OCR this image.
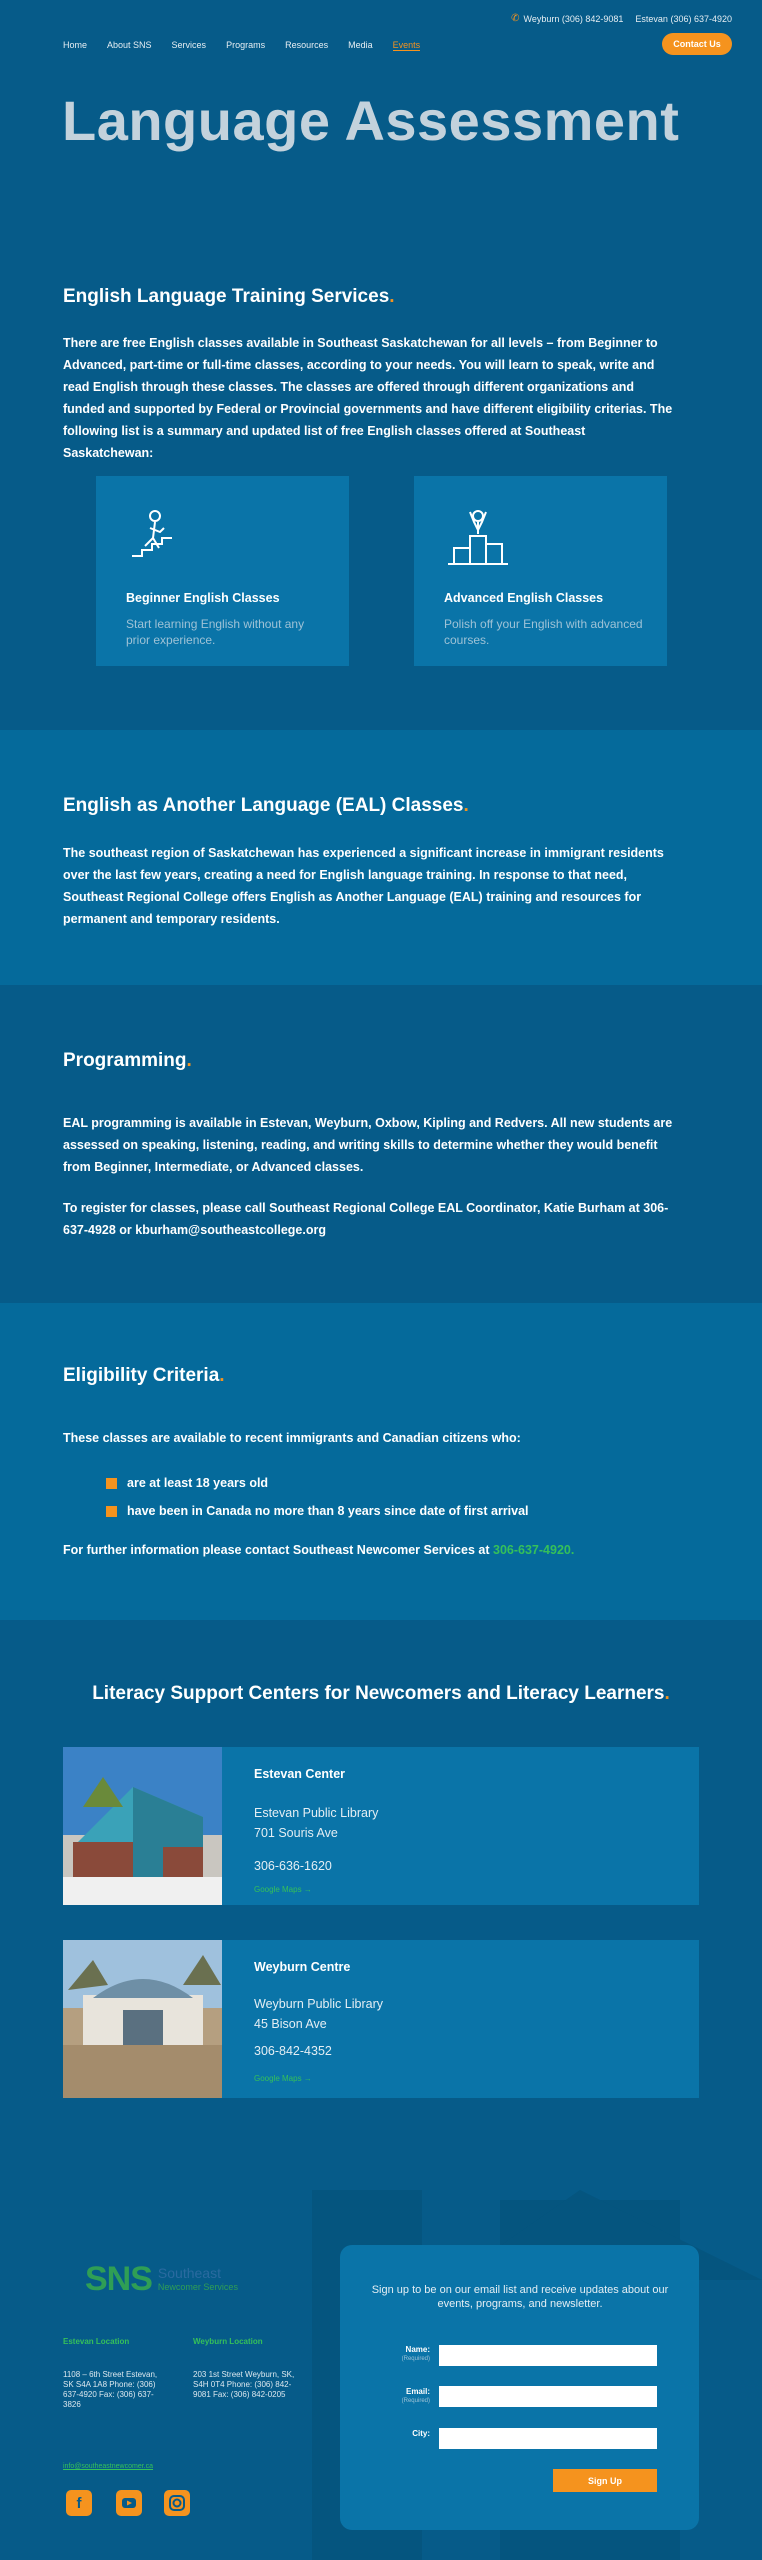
✆ Weyburn (306) 842-9081 Estevan (306) 637-4920
Home About SNS Services Programs Resources Media Events	Contact Us
Language Assessment
English Language Training Services.
There are free English classes available in Southeast Saskatchewan for all levels – from Beginner to Advanced, part-time or full-time classes, according to your needs. You will learn to speak, write and read English through these classes. The classes are offered through different organizations and funded and supported by Federal or Provincial governments and have different eligibility criterias. The following list is a summary and updated list of free English classes offered at Southeast Saskatchewan:
Beginner English Classes
Start learning English without any prior experience.
Advanced English Classes
Polish off your English with advanced courses.
English as Another Language (EAL) Classes.
The southeast region of Saskatchewan has experienced a significant increase in immigrant residents over the last few years, creating a need for English language training. In response to that need, Southeast Regional College offers English as Another Language (EAL) training and resources for permanent and temporary residents.
Programming.
EAL programming is available in Estevan, Weyburn, Oxbow, Kipling and Redvers. All new students are assessed on speaking, listening, reading, and writing skills to determine whether they would benefit from Beginner, Intermediate, or Advanced classes.
To register for classes, please call Southeast Regional College EAL Coordinator, Katie Burham at 306-637-4928 or kburham@southeastcollege.org
Eligibility Criteria.
These classes are available to recent immigrants and Canadian citizens who:
are at least 18 years old
have been in Canada no more than 8 years since date of first arrival
For further information please contact Southeast Newcomer Services at 306-637-4920.
Literacy Support Centers for Newcomers and Literacy Learners.
Estevan Center
Estevan Public Library
701 Souris Ave
306-636-1620
Google Maps →
Weyburn Centre
Weyburn Public Library
45 Bison Ave
306-842-4352
Google Maps →
SNS Southeast
Newcomer Services
Estevan Location
1108 – 6th Street Estevan, SK S4A 1A8 Phone: (306) 637-4920 Fax: (306) 637-3826
Weyburn Location
203 1st Street Weyburn, SK, S4H 0T4 Phone: (306) 842-9081 Fax: (306) 842-0205
info@southeastnewcomer.ca
f
Sign up to be on our email list and receive updates about our events, programs, and newsletter.
Name:
(Required)
Email:
(Required)
City:
Sign Up
